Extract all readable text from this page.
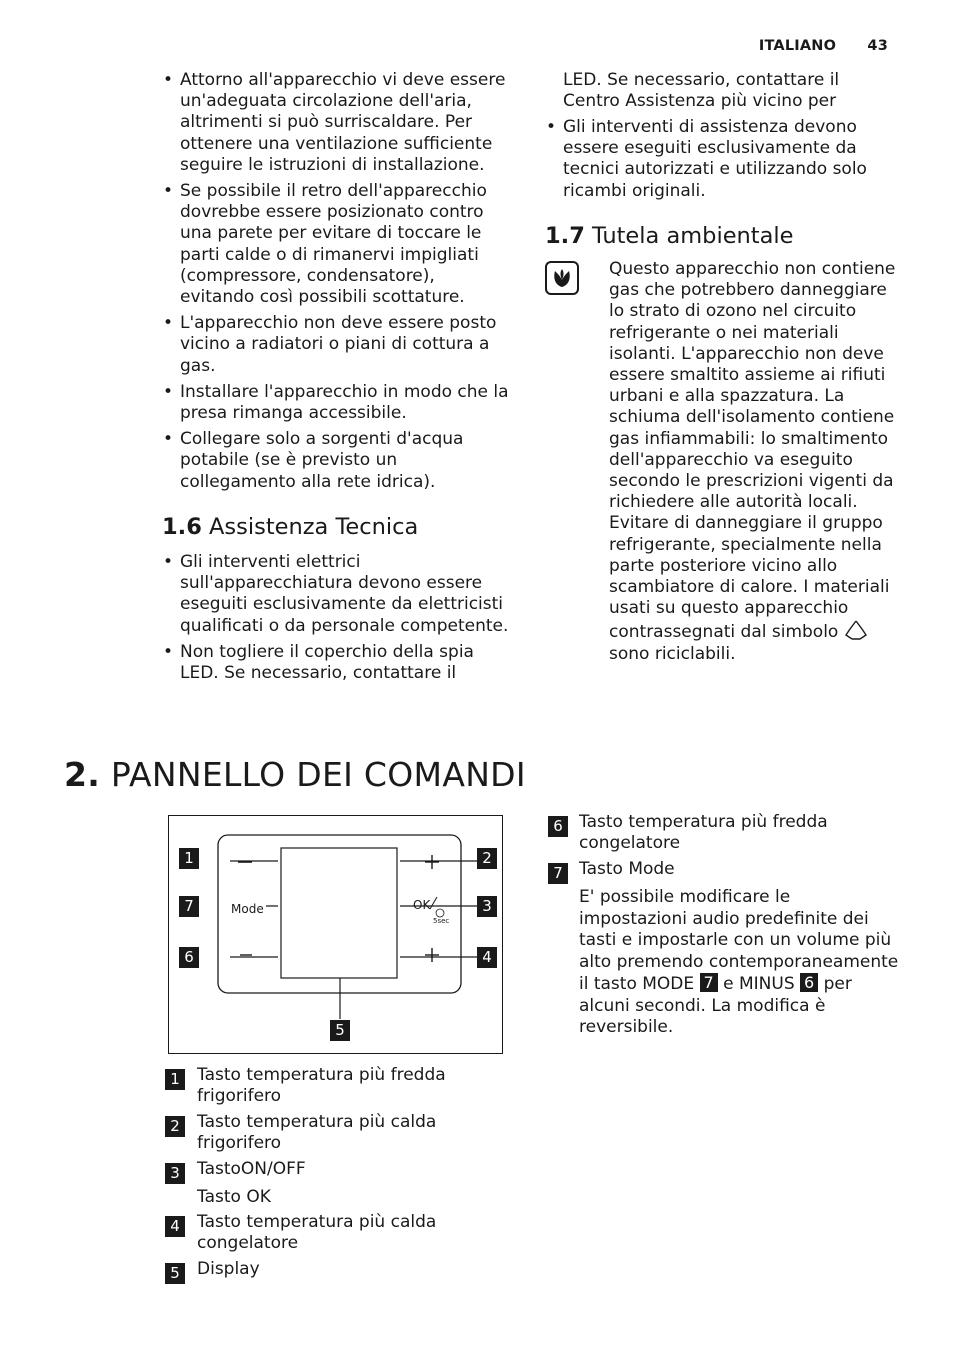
ITALIANO 43
• Attorno all'apparecchio vi deve essere un'adeguata circolazione dell'aria, altrimenti si può surriscaldare. Per ottenere una ventilazione sufficiente seguire le istruzioni di installazione.
• Se possibile il retro dell'apparecchio dovrebbe essere posizionato contro una parete per evitare di toccare le parti calde o di rimanervi impigliati (compressore, condensatore), evitando così possibili scottature.
• L'apparecchio non deve essere posto vicino a radiatori o piani di cottura a gas.
• Installare l'apparecchio in modo che la presa rimanga accessibile.
• Collegare solo a sorgenti d'acqua potabile (se è previsto un collegamento alla rete idrica).
1.6 Assistenza Tecnica
• Gli interventi elettrici sull'apparecchiatura devono essere eseguiti esclusivamente da elettricisti qualificati o da personale competente.
• Non togliere il coperchio della spia LED. Se necessario, contattare il
LED. Se necessario, contattare il Centro Assistenza più vicino per
• Gli interventi di assistenza devono essere eseguiti esclusivamente da tecnici autorizzati e utilizzando solo ricambi originali.
1.7 Tutela ambientale
Questo apparecchio non contiene gas che potrebbero danneggiare lo strato di ozono nel circuito refrigerante o nei materiali isolanti. L'apparecchio non deve essere smaltito assieme ai rifiuti urbani e alla spazzatura. La schiuma dell'isolamento contiene gas infiammabili: lo smaltimento dell'apparecchio va eseguito secondo le prescrizioni vigenti da richiedere alle autorità locali. Evitare di danneggiare il gruppo refrigerante, specialmente nella parte posteriore vicino allo scambiatore di calore. I materiali usati su questo apparecchio contrassegnati dal simbolo  sono riciclabili.
2. PANNELLO DEI COMANDI
1
7
6
2
3
4
5
Mode	OK
5sec
1	Tasto temperatura più fredda frigorifero
2	Tasto temperatura più calda frigorifero
3	TastoON/OFF
Tasto OK
4	Tasto temperatura più calda congelatore
5	Display
6 Tasto temperatura più fredda congelatore
7 Tasto Mode
E' possibile modificare le impostazioni audio predefinite dei tasti e impostarle con un volume più alto premendo contemporaneamente il tasto MODE 7 e MINUS 6 per alcuni secondi. La modifica è reversibile.
